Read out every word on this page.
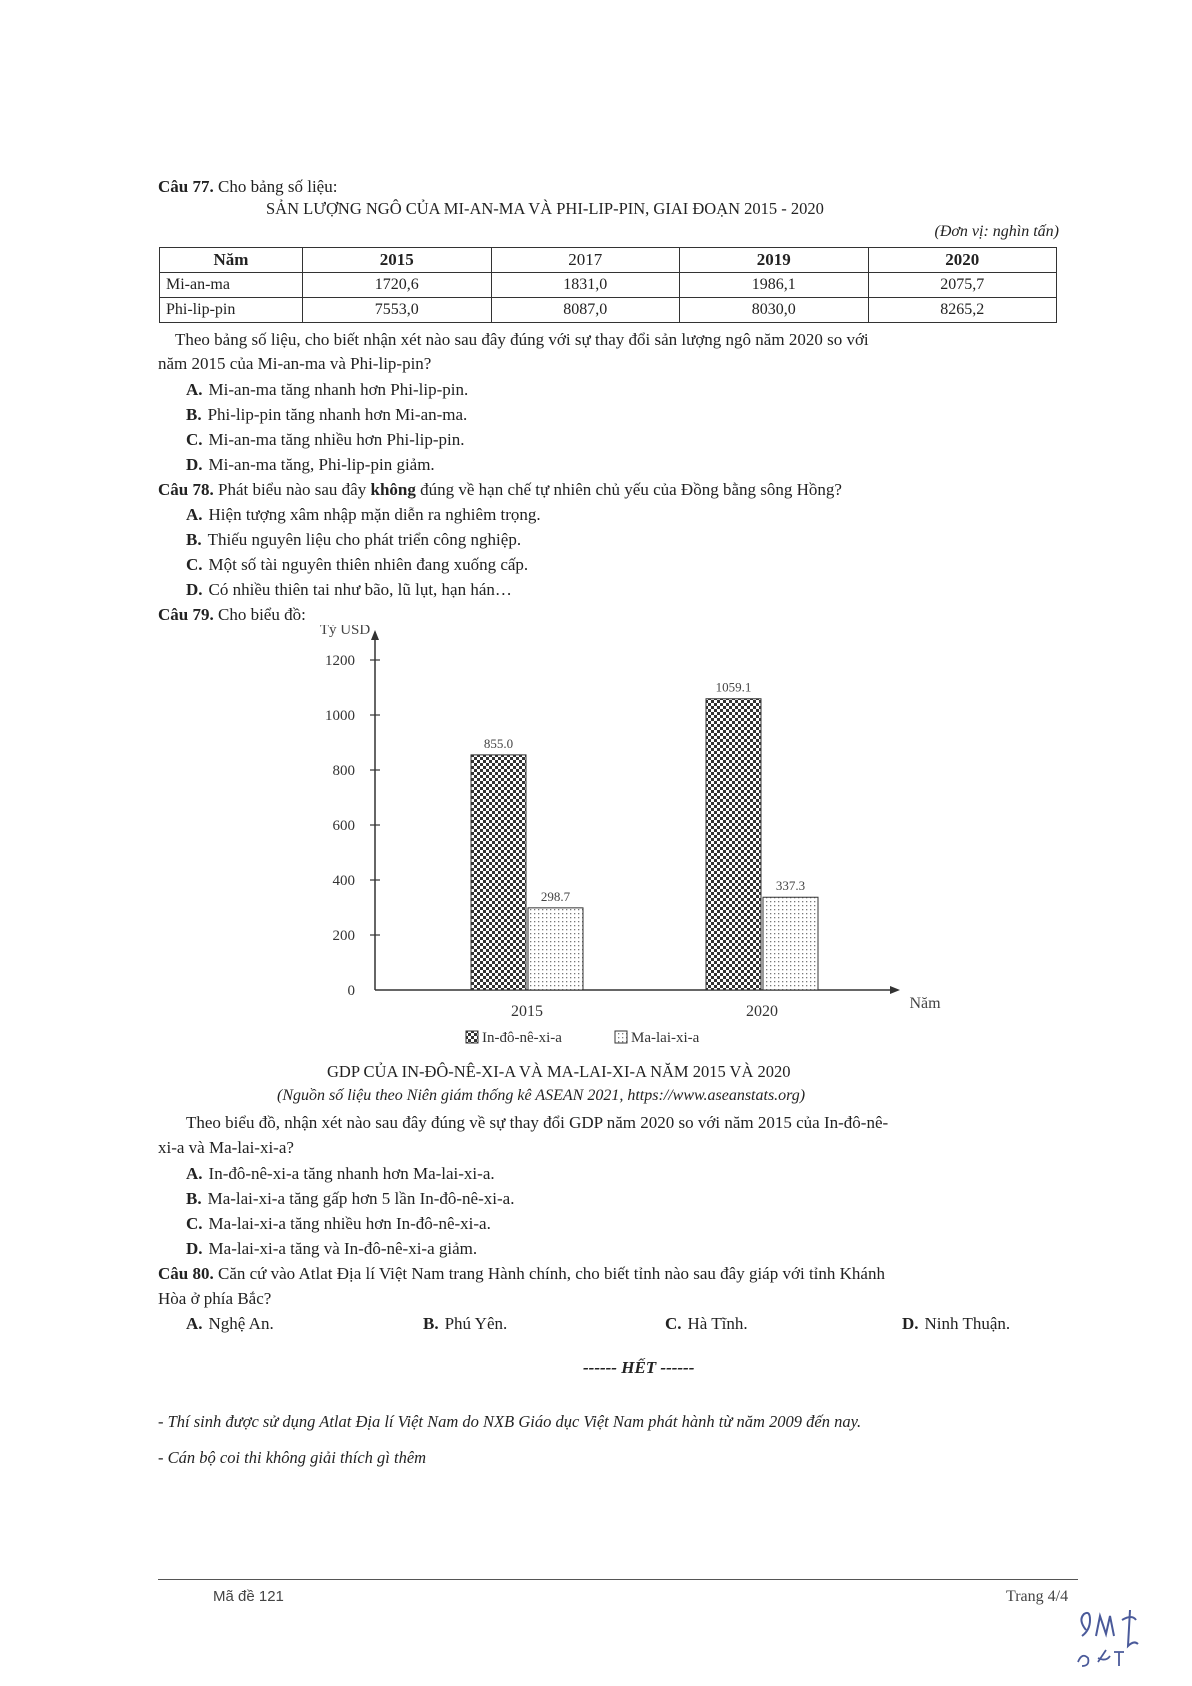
Câu 77. Cho bảng số liệu:
SẢN LƯỢNG NGÔ CỦA MI-AN-MA VÀ PHI-LIP-PIN, GIAI ĐOẠN 2015 - 2020
(Đơn vị: nghìn tấn)
Năm	2015	2017	2019	2020
Mi-an-ma	1720,6	1831,0	1986,1	2075,7
Phi-lip-pin	7553,0	8087,0	8030,0	8265,2
Theo bảng số liệu, cho biết nhận xét nào sau đây đúng với sự thay đổi sản lượng ngô năm 2020 so với
năm 2015 của Mi-an-ma và Phi-lip-pin?
A. Mi-an-ma tăng nhanh hơn Phi-lip-pin.
B. Phi-lip-pin tăng nhanh hơn Mi-an-ma.
C. Mi-an-ma tăng nhiều hơn Phi-lip-pin.
D. Mi-an-ma tăng, Phi-lip-pin giảm.
Câu 78. Phát biểu nào sau đây không đúng về hạn chế tự nhiên chủ yếu của Đồng bằng sông Hồng?
A. Hiện tượng xâm nhập mặn diễn ra nghiêm trọng.
B. Thiếu nguyên liệu cho phát triển công nghiệp.
C. Một số tài nguyên thiên nhiên đang xuống cấp.
D. Có nhiều thiên tai như bão, lũ lụt, hạn hán…
Câu 79. Cho biểu đồ:
0
200
400
600
800
1000
1200
Tỷ USD
Năm
855.0
298.7
2015
1059.1
337.3
2020
In-đô-nê-xi-a	Ma-lai-xi-a
GDP CỦA IN-ĐÔ-NÊ-XI-A VÀ MA-LAI-XI-A NĂM 2015 VÀ 2020
(Nguồn số liệu theo Niên giám thống kê ASEAN 2021, https://www.aseanstats.org)
Theo biểu đồ, nhận xét nào sau đây đúng về sự thay đổi GDP năm 2020 so với năm 2015 của In-đô-nê-
xi-a và Ma-lai-xi-a?
A. In-đô-nê-xi-a tăng nhanh hơn Ma-lai-xi-a.
B. Ma-lai-xi-a tăng gấp hơn 5 lần In-đô-nê-xi-a.
C. Ma-lai-xi-a tăng nhiều hơn In-đô-nê-xi-a.
D. Ma-lai-xi-a tăng và In-đô-nê-xi-a giảm.
Câu 80. Căn cứ vào Atlat Địa lí Việt Nam trang Hành chính, cho biết tỉnh nào sau đây giáp với tỉnh Khánh
Hòa ở phía Bắc?
A. Nghệ An.	B. Phú Yên.	C. Hà Tĩnh.	D. Ninh Thuận.
------ HẾT ------
- Thí sinh được sử dụng Atlat Địa lí Việt Nam do NXB Giáo dục Việt Nam phát hành từ năm 2009 đến nay.
- Cán bộ coi thi không giải thích gì thêm
Mã đề 121	Trang 4/4
